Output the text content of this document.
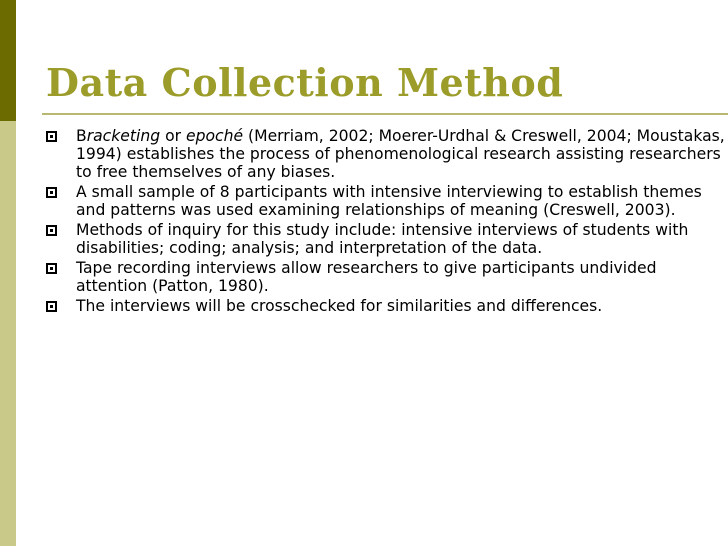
Data Collection Method
Bracketing or epoché (Merriam, 2002; Moerer-Urdhal & Creswell, 2004; Moustakas, 1994) establishes the process of phenomenological research assisting researchers to free themselves of any biases.
A small sample of 8 participants with intensive interviewing to establish themes and patterns was used examining relationships of meaning (Creswell, 2003).
Methods of inquiry for this study include: intensive interviews of students with disabilities; coding; analysis; and interpretation of the data.
Tape recording interviews allow researchers to give participants undivided attention (Patton, 1980).
The interviews will be crosschecked for similarities and differences.
